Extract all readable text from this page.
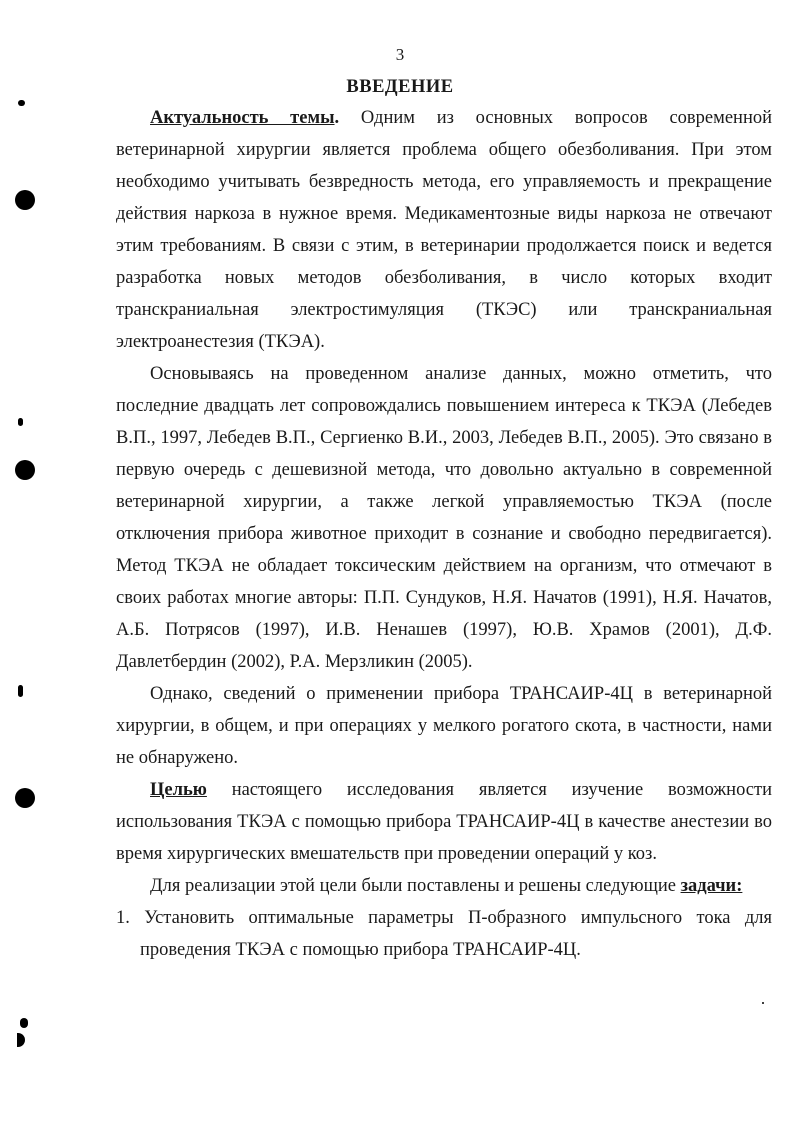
3
ВВЕДЕНИЕ

Актуальность темы. Одним из основных вопросов современной ветеринарной хирургии является проблема общего обезболивания. При этом необходимо учитывать безвредность метода, его управляемость и прекращение действия наркоза в нужное время. Медикаментозные виды наркоза не отвечают этим требованиям. В связи с этим, в ветеринарии продолжается поиск и ведется разработка новых методов обезболивания, в число которых входит транскраниальная электростимуляция (ТКЭС) или транскраниальная электроанестезия (ТКЭА).

Основываясь на проведенном анализе данных, можно отметить, что последние двадцать лет сопровождались повышением интереса к ТКЭА (Лебедев В.П., 1997, Лебедев В.П., Сергиенко В.И., 2003, Лебедев В.П., 2005). Это связано в первую очередь с дешевизной метода, что довольно актуально в современной ветеринарной хирургии, а также легкой управляемостью ТКЭА (после отключения прибора животное приходит в сознание и свободно передвигается). Метод ТКЭА не обладает токсическим действием на организм, что отмечают в своих работах многие авторы: П.П. Сундуков, Н.Я. Начатов (1991), Н.Я. Начатов, А.Б. Потрясов (1997), И.В. Ненашев (1997), Ю.В. Храмов (2001), Д.Ф. Давлетбердин (2002), Р.А. Мерзликин (2005).

Однако, сведений о применении прибора ТРАНСАИР-4Ц в ветеринарной хирургии, в общем, и при операциях у мелкого рогатого скота, в частности, нами не обнаружено.

Целью настоящего исследования является изучение возможности использования ТКЭА с помощью прибора ТРАНСАИР-4Ц в качестве анестезии во время хирургических вмешательств при проведении операций у коз.

Для реализации этой цели были поставлены и решены следующие задачи:

1. Установить оптимальные параметры П-образного импульсного тока для проведения ТКЭА с помощью прибора ТРАНСАИР-4Ц.
